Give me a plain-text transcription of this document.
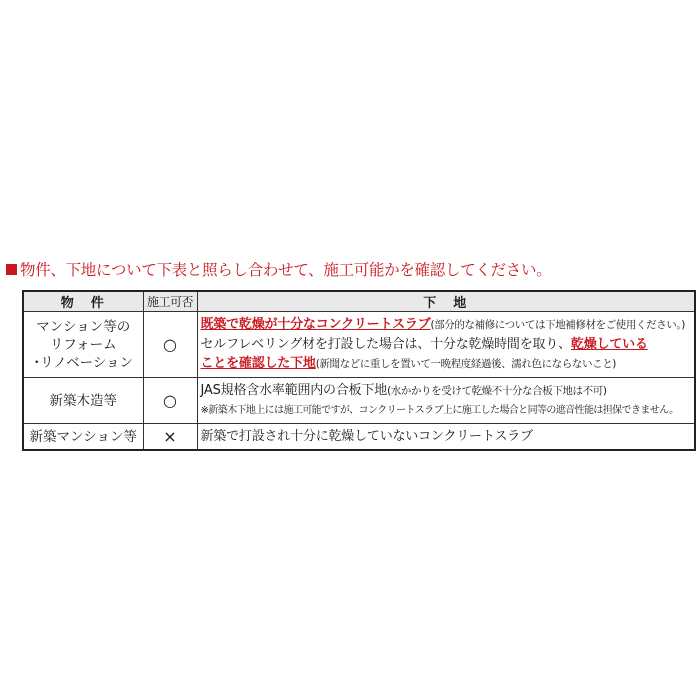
物件、下地について下表と照らし合わせて、施工可能かを確認してください。
物　件	施工可否	下　地

マンション等の
リフォーム
･リノベーション	○	既築で乾燥が十分なコンクリートスラブ(部分的な補修については下地補修材をご使用ください。)
セルフレベリング材を打設した場合は、十分な乾燥時間を取り、乾燥している
ことを確認した下地(新聞などに重しを置いて一晩程度経過後、濡れ色にならないこと)

新築木造等	○	JAS規格含水率範囲内の合板下地(水かかりを受けて乾燥不十分な合板下地は不可)
※新築木下地上には施工可能ですが、コンクリートスラブ上に施工した場合と同等の遮音性能は担保できません。

新築マンション等	×	新築で打設され十分に乾燥していないコンクリートスラブ
